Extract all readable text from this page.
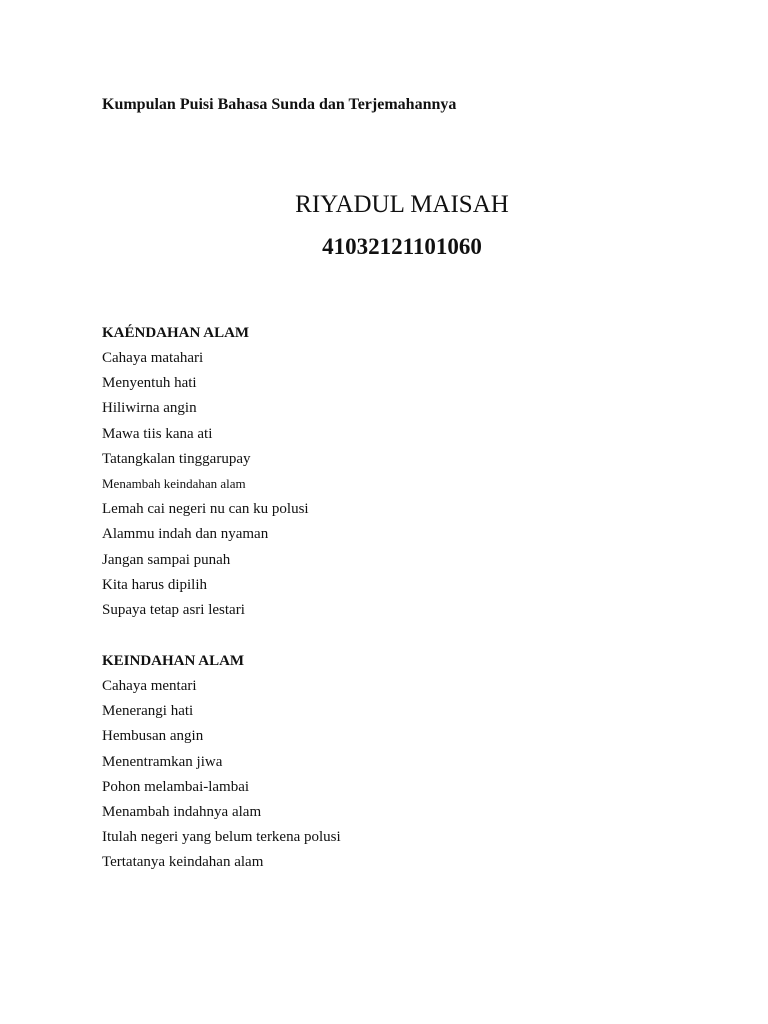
Kumpulan Puisi Bahasa Sunda dan Terjemahannya
RIYADUL MAISAH
41032121101060
KAÉNDAHAN ALAM
Cahaya matahari
Menyentuh hati
Hiliwirna angin
Mawa tiis kana ati
Tatangkalan tinggarupay
Menambah keindahan alam
Lemah cai negeri nu can ku polusi
Alammu indah dan nyaman
Jangan sampai punah
Kita harus dipilih
Supaya tetap asri lestari
KEINDAHAN ALAM
Cahaya mentari
Menerangi hati
Hembusan angin
Menentramkan jiwa
Pohon melambai-lambai
Menambah indahnya alam
Itulah negeri yang belum terkena polusi
Tertatanya keindahan alam
